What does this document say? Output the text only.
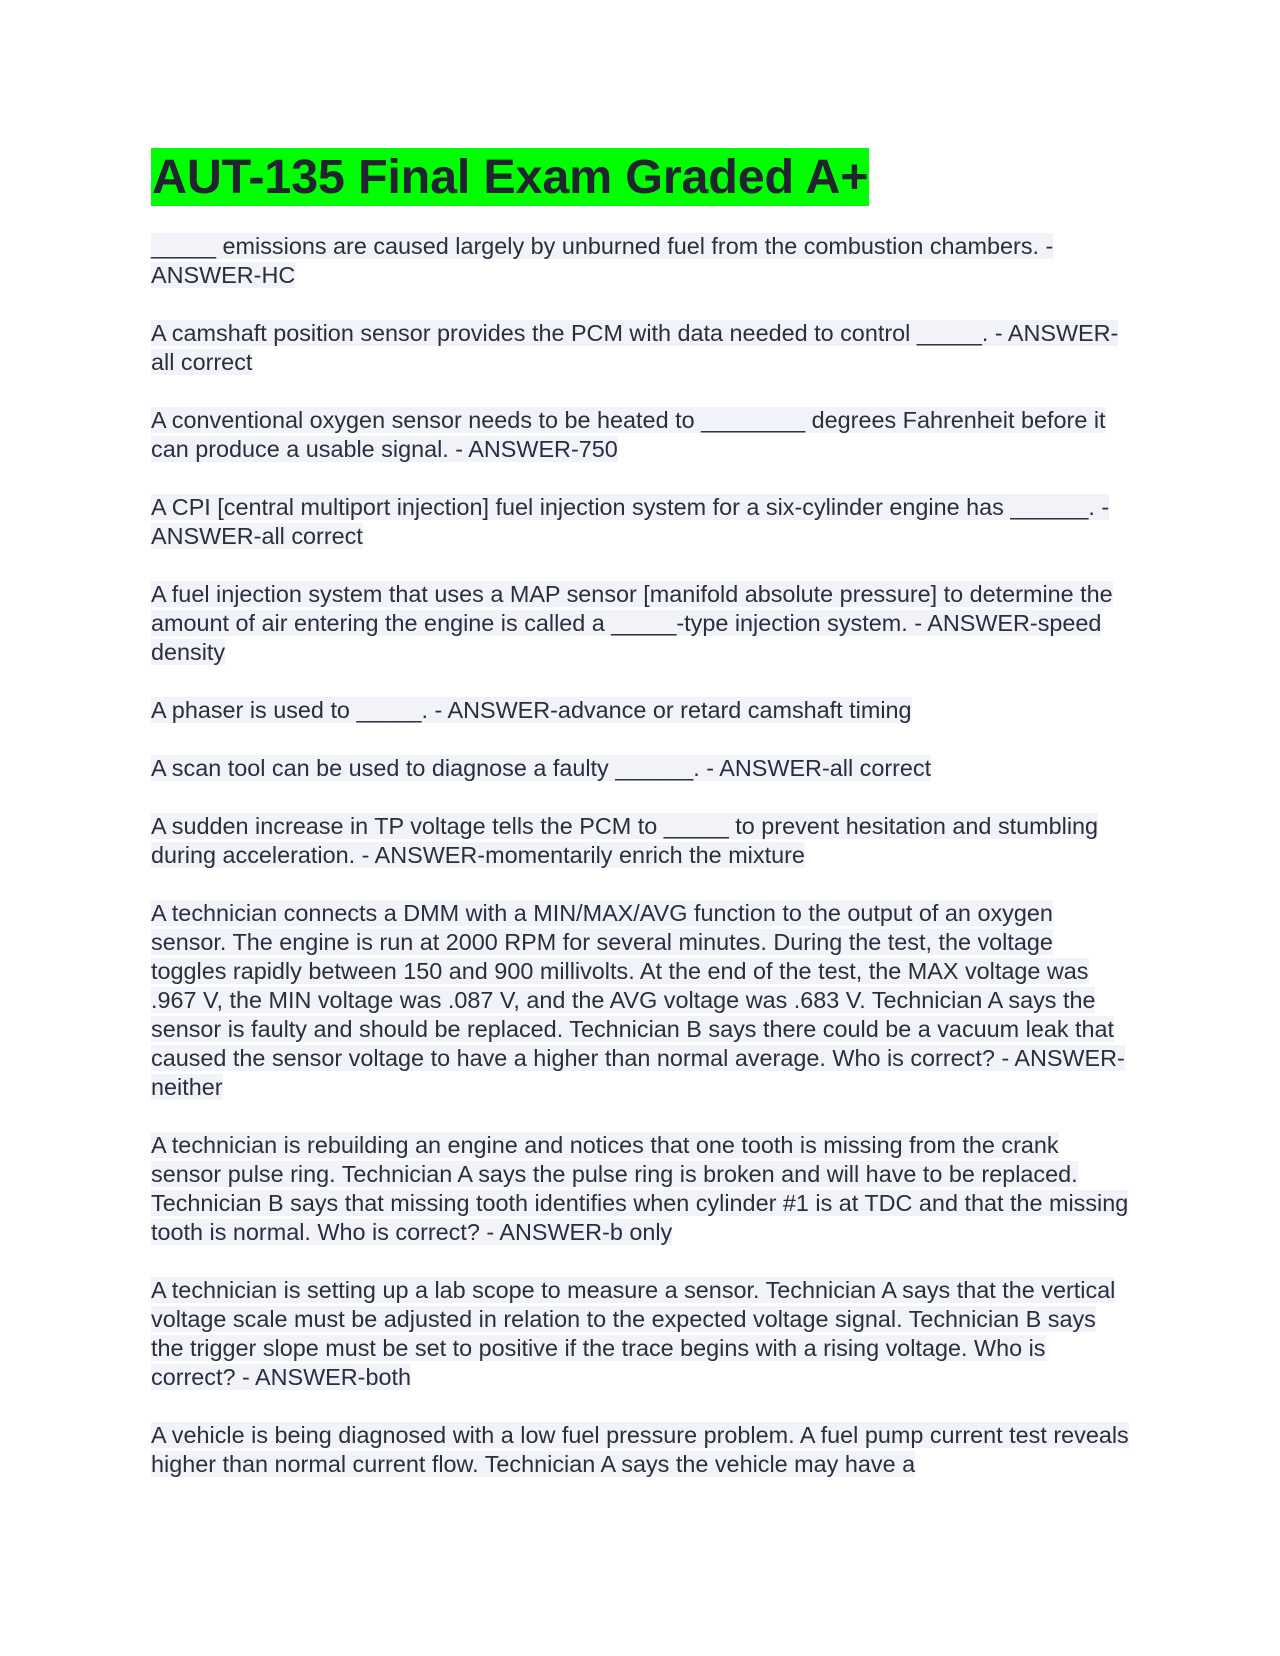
AUT-135 Final Exam Graded A+

_____ emissions are caused largely by unburned fuel from the combustion chambers. - ANSWER-HC

A camshaft position sensor provides the PCM with data needed to control _____. - ANSWER-all correct

A conventional oxygen sensor needs to be heated to ________ degrees Fahrenheit before it can produce a usable signal. - ANSWER-750

A CPI [central multiport injection] fuel injection system for a six-cylinder engine has ______. - ANSWER-all correct

A fuel injection system that uses a MAP sensor [manifold absolute pressure] to determine the amount of air entering the engine is called a _____-type injection system. - ANSWER-speed density

A phaser is used to _____. - ANSWER-advance or retard camshaft timing

A scan tool can be used to diagnose a faulty ______. - ANSWER-all correct

A sudden increase in TP voltage tells the PCM to _____ to prevent hesitation and stumbling during acceleration. - ANSWER-momentarily enrich the mixture

A technician connects a DMM with a MIN/MAX/AVG function to the output of an oxygen sensor. The engine is run at 2000 RPM for several minutes. During the test, the voltage toggles rapidly between 150 and 900 millivolts. At the end of the test, the MAX voltage was .967 V, the MIN voltage was .087 V, and the AVG voltage was .683 V. Technician A says the sensor is faulty and should be replaced. Technician B says there could be a vacuum leak that caused the sensor voltage to have a higher than normal average. Who is correct? - ANSWER-neither

A technician is rebuilding an engine and notices that one tooth is missing from the crank sensor pulse ring. Technician A says the pulse ring is broken and will have to be replaced. Technician B says that missing tooth identifies when cylinder #1 is at TDC and that the missing tooth is normal. Who is correct? - ANSWER-b only

A technician is setting up a lab scope to measure a sensor. Technician A says that the vertical voltage scale must be adjusted in relation to the expected voltage signal. Technician B says the trigger slope must be set to positive if the trace begins with a rising voltage. Who is correct? - ANSWER-both

A vehicle is being diagnosed with a low fuel pressure problem. A fuel pump current test reveals higher than normal current flow. Technician A says the vehicle may have a
